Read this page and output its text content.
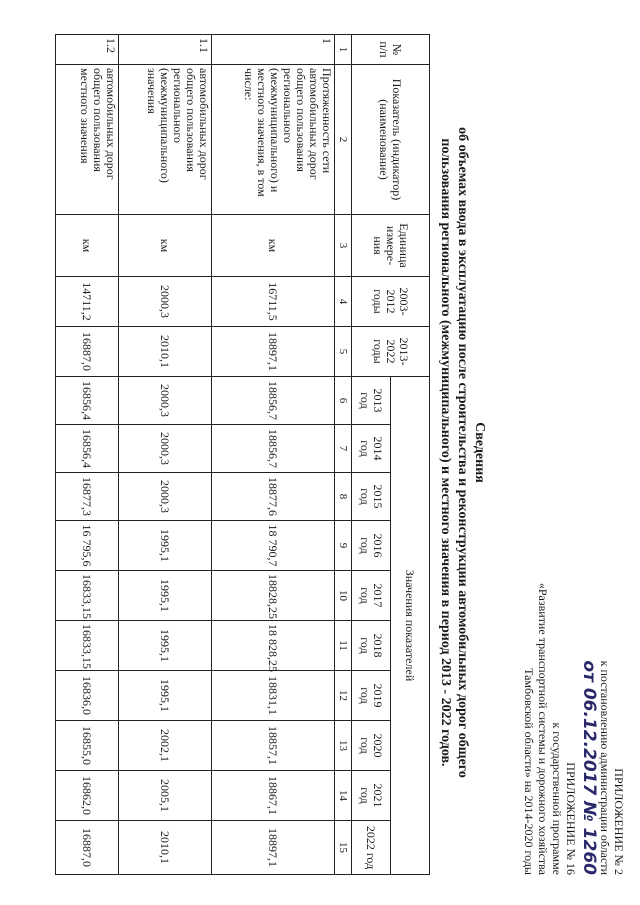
ПРИЛОЖЕНИЕ № 2
к постановлению администрации области
от 06.12.2017 № 1260
ПРИЛОЖЕНИЕ № 16
к государственной программе
«Развитие транспортной системы и дорожного хозяйства
Тамбовской области» на 2014-2020 годы
Сведения
об объемах ввода в эксплуатацию после строительства и реконструкции автомобильных дорог общего
пользования регионального (межмуниципального) и местного значения в период 2013 - 2022 годов.
№ п/п	Показатель (индикатор) (наименование)	Единица измере-ния	2003-2012 годы	2013-2022 годы	Значения показателей									
					2013 год	2014 год	2015 год	2016 год	2017 год	2018 год	2019 год	2020 год	2021 год	2022 год
1	2	3	4	5	6	7	8	9	10	11	12	13	14	15
1	Протяженность сети автомобильных дорог общего пользования регионального (межмуниципального) и местного значения, в том числе:	км	16711,5	18897,1	18856,7	18856,7	18877,6	18 790,7	18828,25	18 828,25	18831,1	18857,1	18867,1	18897,1
1.1	автомобильных дорог общего пользования регионального (межмуниципального) значения	км	2000,3	2010,1	2000,3	2000,3	2000,3	1995,1	1995,1	1995,1	1995,1	2002,1	2005,1	2010,1
1.2	автомобильных дорог общего пользования местного значения	км	14711,2	16887,0	16856,4	16856,4	16877,3	16 795,6	16833,15	16833,15	16836,0	16855,0	16862,0	16887,0
